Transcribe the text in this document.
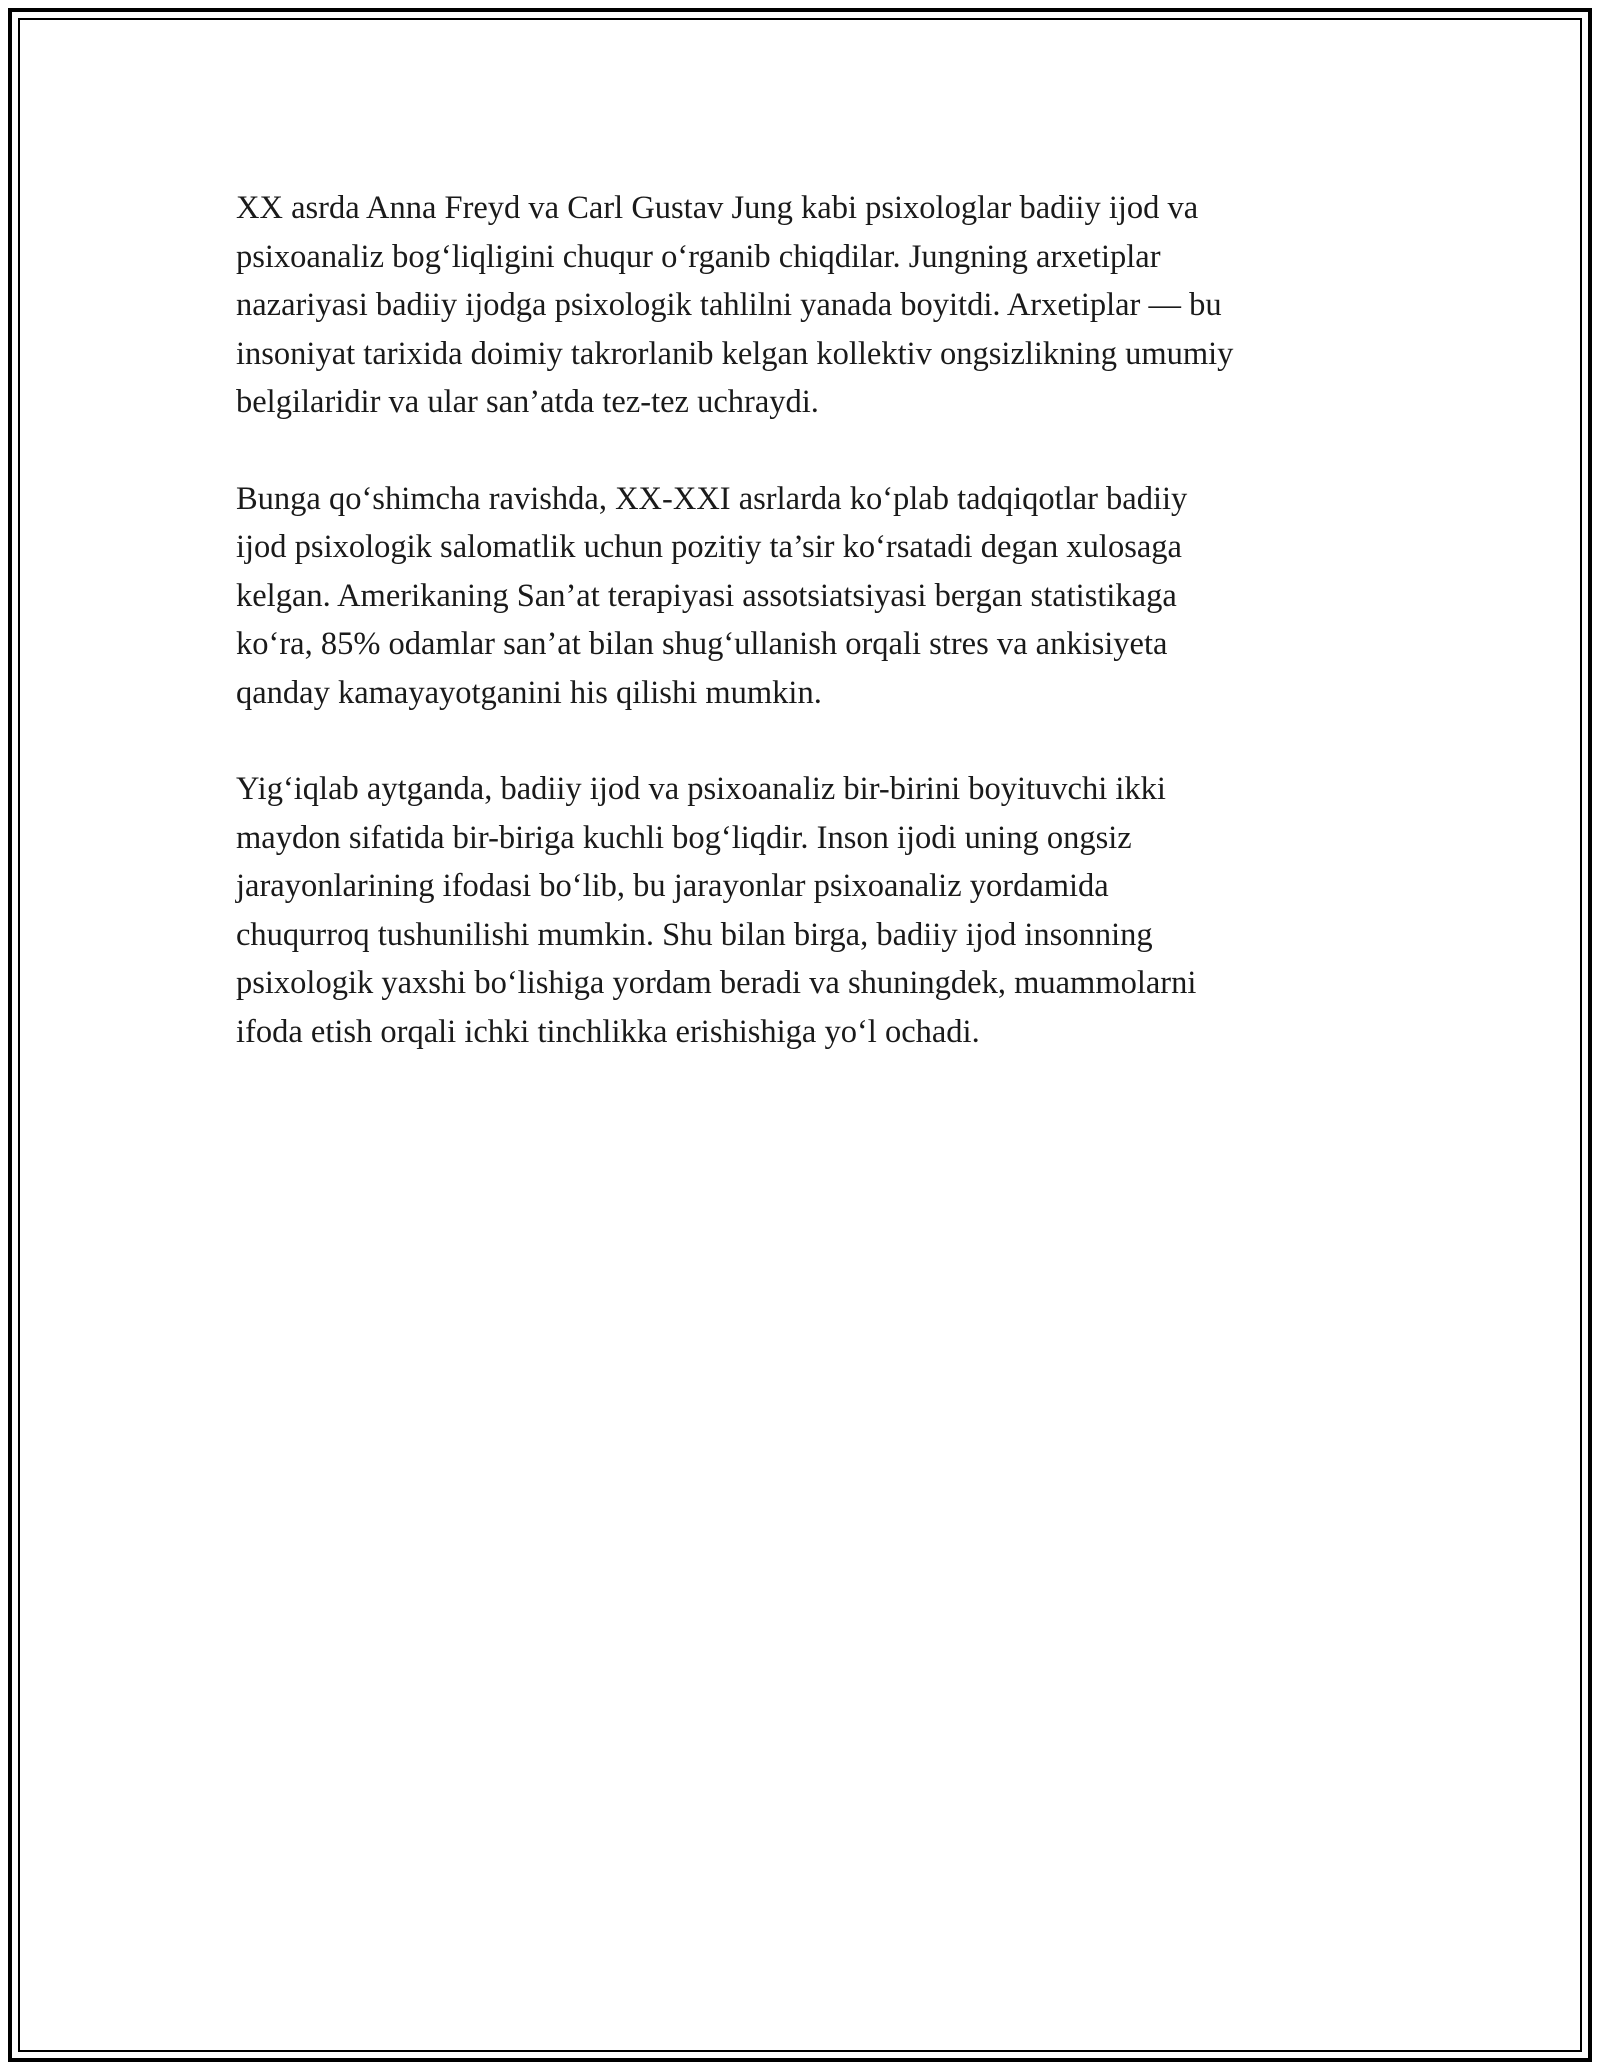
XX asrda Anna Freyd va Carl Gustav Jung kabi psixologlar badiiy ijod va
psixoanaliz bog‘liqligini chuqur o‘rganib chiqdilar. Jungning arxetiplar
nazariyasi badiiy ijodga psixologik tahlilni yanada boyitdi. Arxetiplar — bu
insoniyat tarixida doimiy takrorlanib kelgan kollektiv ongsizlikning umumiy
belgilaridir va ular san’atda tez-tez uchraydi.

Bunga qo‘shimcha ravishda, XX-XXI asrlarda ko‘plab tadqiqotlar badiiy
ijod psixologik salomatlik uchun pozitiy ta’sir ko‘rsatadi degan xulosaga
kelgan. Amerikaning San’at terapiyasi assotsiatsiyasi bergan statistikaga
ko‘ra, 85% odamlar san’at bilan shug‘ullanish orqali stres va ankisiyeta
qanday kamayayotganini his qilishi mumkin.

Yig‘iqlab aytganda, badiiy ijod va psixoanaliz bir-birini boyituvchi ikki
maydon sifatida bir-biriga kuchli bog‘liqdir. Inson ijodi uning ongsiz
jarayonlarining ifodasi bo‘lib, bu jarayonlar psixoanaliz yordamida
chuqurroq tushunilishi mumkin. Shu bilan birga, badiiy ijod insonning
psixologik yaxshi bo‘lishiga yordam beradi va shuningdek, muammolarni
ifoda etish orqali ichki tinchlikka erishishiga yo‘l ochadi.
